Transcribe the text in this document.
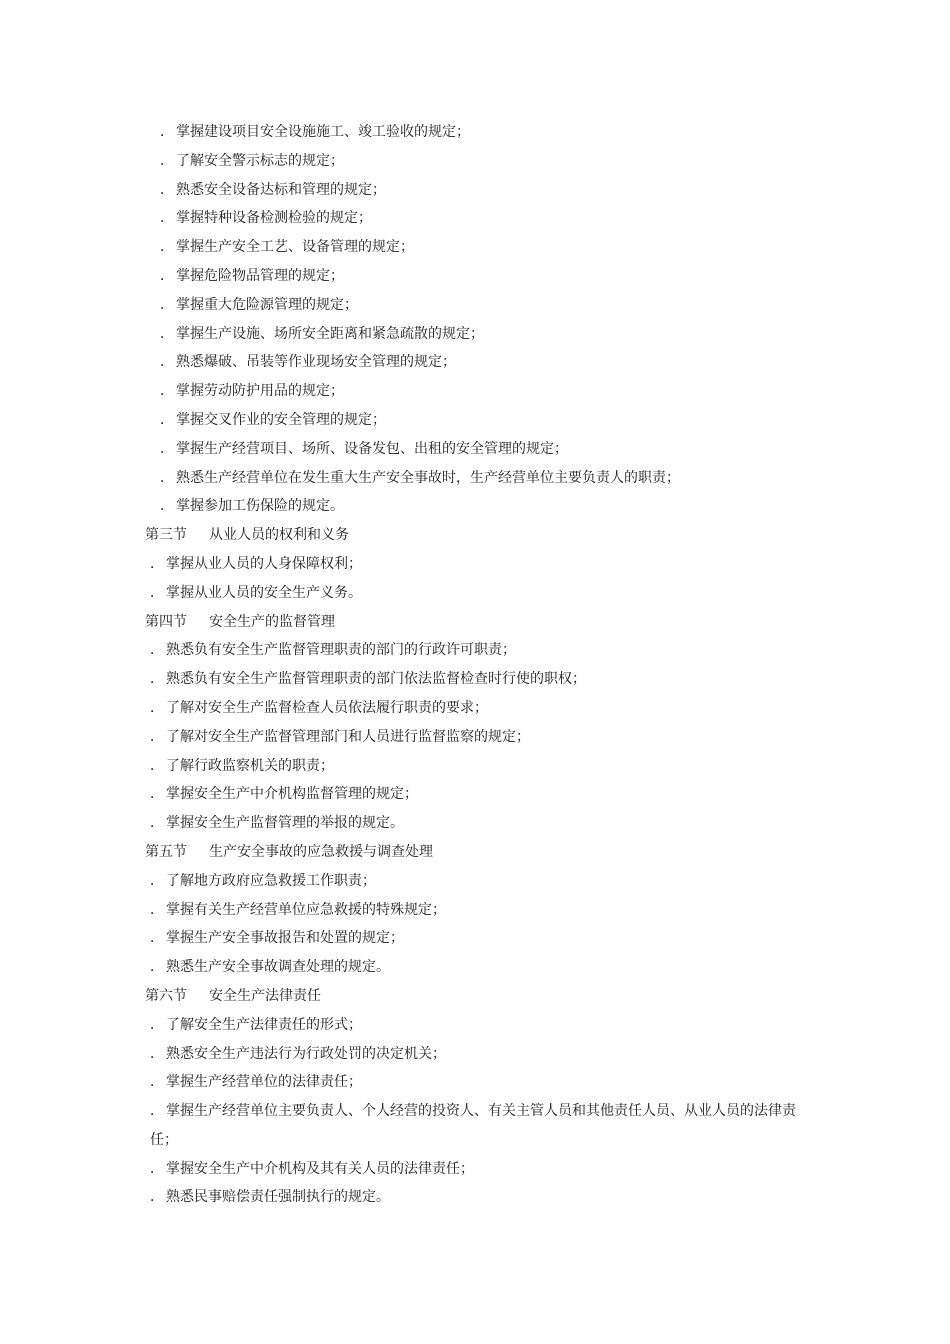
． 掌握建设项目安全设施施工、竣工验收的规定；
． 了解安全警示标志的规定；
． 熟悉安全设备达标和管理的规定；
． 掌握特种设备检测检验的规定；
． 掌握生产安全工艺、设备管理的规定；
． 掌握危险物品管理的规定；
． 掌握重大危险源管理的规定；
． 掌握生产设施、场所安全距离和紧急疏散的规定；
． 熟悉爆破、吊装等作业现场安全管理的规定；
． 掌握劳动防护用品的规定；
． 掌握交叉作业的安全管理的规定；
． 掌握生产经营项目、场所、设备发包、出租的安全管理的规定；
． 熟悉生产经营单位在发生重大生产安全事故时，生产经营单位主要负责人的职责；
． 掌握参加工伤保险的规定。
第三节 从业人员的权利和义务
． 掌握从业人员的人身保障权利；
． 掌握从业人员的安全生产义务。
第四节 安全生产的监督管理
． 熟悉负有安全生产监督管理职责的部门的行政许可职责；
． 熟悉负有安全生产监督管理职责的部门依法监督检查时行使的职权；
． 了解对安全生产监督检查人员依法履行职责的要求；
． 了解对安全生产监督管理部门和人员进行监督监察的规定；
． 了解行政监察机关的职责；
． 掌握安全生产中介机构监督管理的规定；
． 掌握安全生产监督管理的举报的规定。
第五节 生产安全事故的应急救援与调查处理
． 了解地方政府应急救援工作职责；
． 掌握有关生产经营单位应急救援的特殊规定；
． 掌握生产安全事故报告和处置的规定；
． 熟悉生产安全事故调查处理的规定。
第六节 安全生产法律责任
． 了解安全生产法律责任的形式；
． 熟悉安全生产违法行为行政处罚的决定机关；
． 掌握生产经营单位的法律责任；
． 掌握生产经营单位主要负责人、个人经营的投资人、有关主管人员和其他责任人员、从业人员的法律责任；
． 掌握安全生产中介机构及其有关人员的法律责任；
． 熟悉民事赔偿责任强制执行的规定。
